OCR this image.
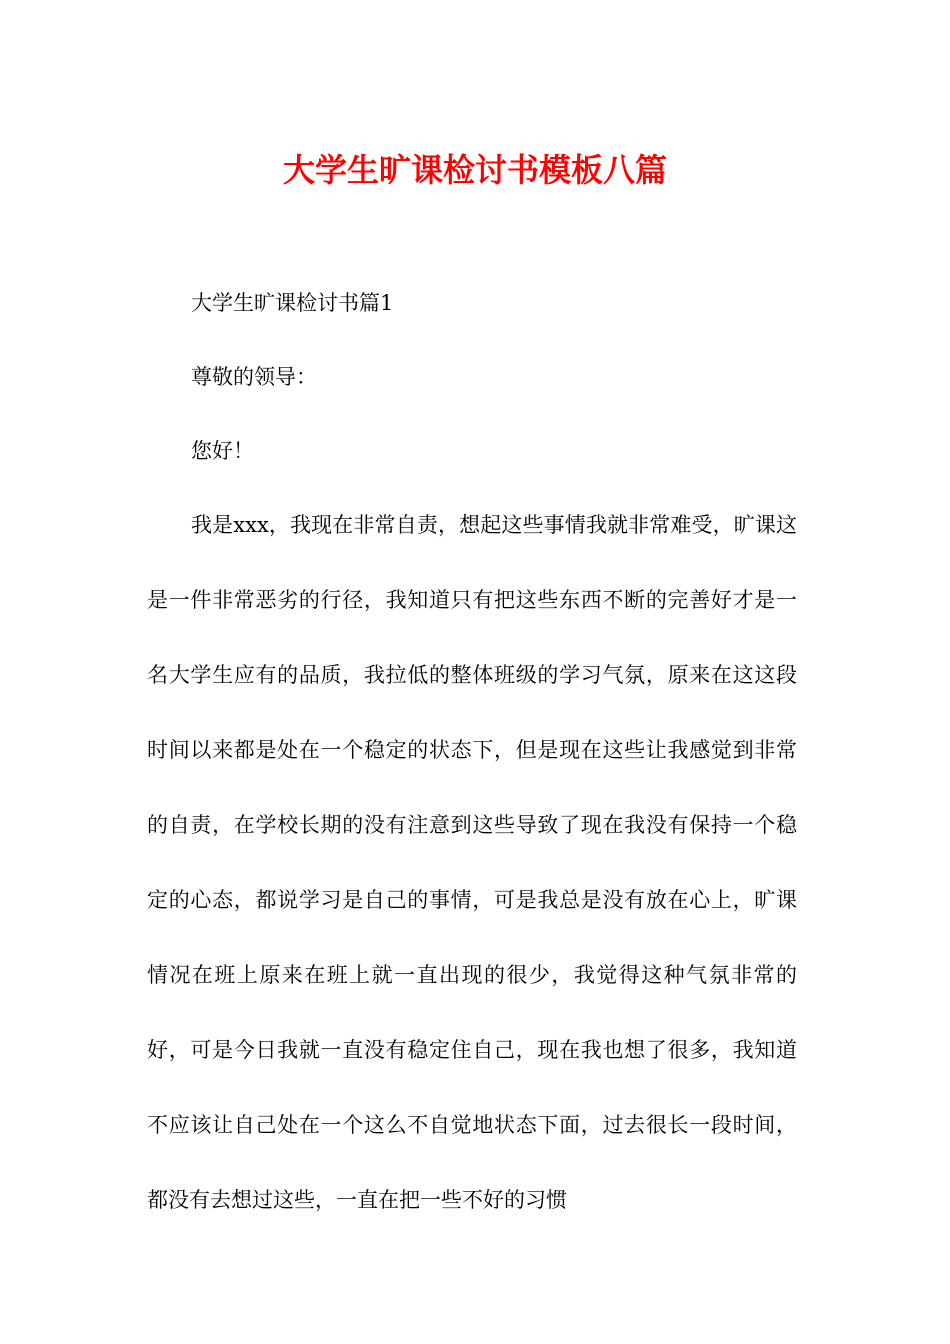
大学生旷课检讨书模板八篇

大学生旷课检讨书篇1

尊敬的领导：

您好！

我是xxx，我现在非常自责，想起这些事情我就非常难受，旷课这是一件非常恶劣的行径，我知道只有把这些东西不断的完善好才是一名大学生应有的品质，我拉低的整体班级的学习气氛，原来在这这段时间以来都是处在一个稳定的状态下，但是现在这些让我感觉到非常的自责，在学校长期的没有注意到这些导致了现在我没有保持一个稳定的心态，都说学习是自己的事情，可是我总是没有放在心上，旷课情况在班上原来在班上就一直出现的很少，我觉得这种气氛非常的好，可是今日我就一直没有稳定住自己，现在我也想了很多，我知道不应该让自己处在一个这么不自觉地状态下面，过去很长一段时间，都没有去想过这些，一直在把一些不好的习惯
